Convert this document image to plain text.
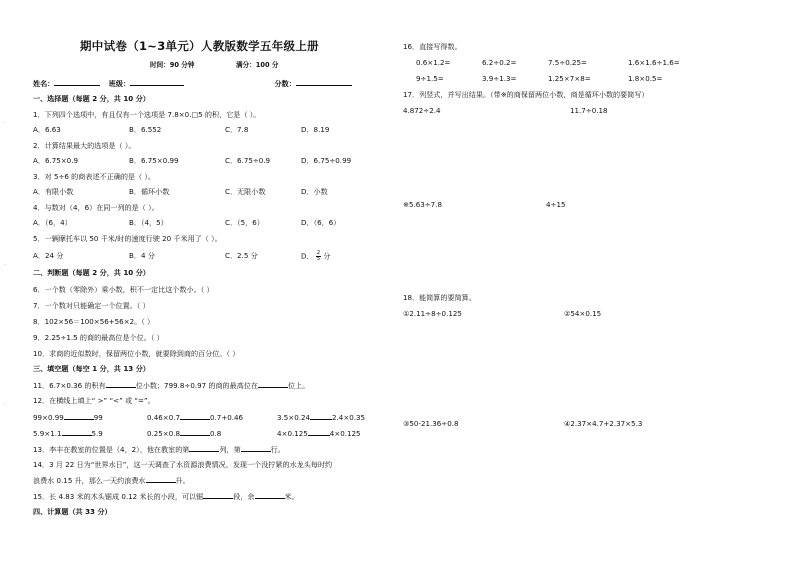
·
·
·
期中试卷（1~3单元）人教版数学五年级上册
时间：90 分钟	满分：100 分
姓名：	班级：	分数：
一、选择题（每题 2 分，共 10 分）
1．下列四个选项中，有且仅有一个选项是 7.8×0.□5 的积，它是（ ）。
A．6.63	B．6.552	C．7.8	D．8.19
2．计算结果最大的选项是（ ）。
A．6.75×0.9	B．6.75×0.99	C．6.75÷0.9	D．6.75÷0.99
3．对 5÷6 的商表述不正确的是（ ）。
A．有限小数	B．循环小数	C．无限小数	D．小数
4．与数对（4，6）在同一列的是（ ）。
A．（6，4）	B．（4，5）	C．（5，6）	D．（6，6）
5．一辆摩托车以 50 千米/时的速度行驶 20 千米用了（ ）。
A．24 分	B．4 分	C．2.5 分	D． $\frac{2}{5}$ 分
二、判断题（每题 2 分，共 10 分）
6．一个数（零除外）乘小数，积不一定比这个数小。（ ）
7．一个数对只能确定一个位置。（ ）
8．102×56＝100×56+56×2。（ ）
9．2.25÷1.5 的商的最高位是个位。（ ）
10．求商的近似数时，保留两位小数，就要除到商的百分位。（ ）
三、填空题（每空 1 分，共 13 分）
11．6.7×0.36 的积有	位小数；799.8÷0.97 的商的最高位在	位上。
12．在横线上填上“ >” “<” 或 “=”。
99×0.99	99	0.46×0.7	0.7+0.46	3.5×0.24	2.4×0.35
5.9×1.1	5.9	0.25×0.8	0.8	4×0.125	4×0.125
13．李丰在教室的位置是（4，2），他在教室的第	列，第	行。
14．3 月 22 日为“世界水日”，这一天调查了水资源浪费情况，发现一个没拧紧的水龙头每时约
浪费水 0.15 升，那么一天约浪费水	升。
15．长 4.83 米的木头锯成 0.12 米长的小段，可以锯	段，余	米。
四、计算题（共 33 分）
16．直接写得数。
0.6×1.2=	6.2÷0.2=	7.5÷0.25=	1.6×1.6÷1.6=
9÷1.5=	3.9÷1.3=	1.25×7×8=	1.8×0.5=
17．列竖式，并写出结果。（带※的商保留两位小数，商是循环小数的要简写）
4.872÷2.4	11.7÷0.18
※5.63÷7.8	4÷15
18．能简算的要简算。
①2.11÷8÷0.125	②54×0.15
③50-21.36÷0.8	④2.37×4.7+2.37×5.3
